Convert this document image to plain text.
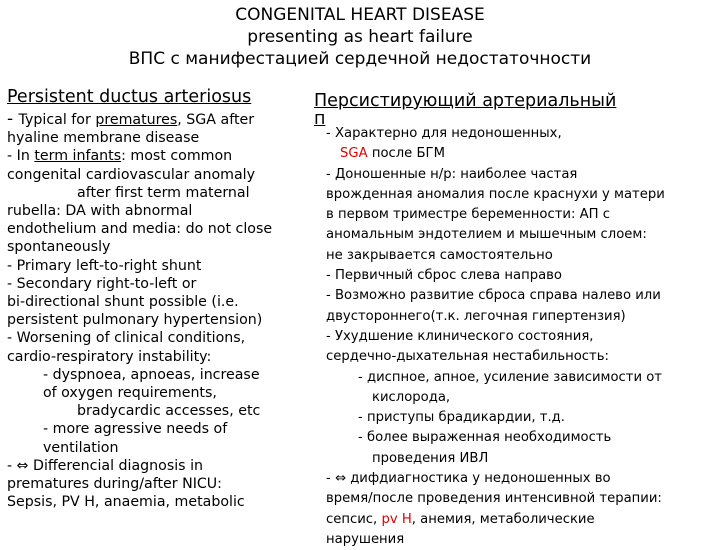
CONGENITAL HEART DISEASE
presenting as heart failure
ВПС с манифестацией сердечной недостаточности
Persistent ductus arteriosus
- Typical for prematures, SGA after
hyaline membrane disease
- In term infants: most common
congenital cardiovascular anomaly
after first term maternal
rubella: DA with abnormal
endothelium and media: do not close
spontaneously
- Primary left-to-right shunt
- Secondary right-to-left or
bi-directional shunt possible (i.e.
persistent pulmonary hypertension)
- Worsening of clinical conditions,
cardio-respiratory instability:
- dyspnoea, apnoeas, increase
of oxygen requirements,
bradycardic accesses, etc
- more agressive needs of
ventilation
- ⇔ Differencial diagnosis in
prematures during/after NICU:
Sepsis, PV H, anaemia, metabolic
Персистирующий артериальный
п
- Характерно для недоношенных,
SGA после БГМ
- Доношенные н/р: наиболее частая
врожденная аномалия после краснухи у матери
в первом триместре беременности: АП с
аномальным эндотелием и мышечным слоем:
не закрывается самостоятельно
- Первичный сброс слева направо
- Возможно развитие сброса справа налево или
двустороннего(т.к. легочная гипертензия)
- Ухудшение клинического состояния,
сердечно-дыхательная нестабильность:
- диспное, апное, усиление зависимости от
кислорода,
- приступы брадикардии, т.д.
- более выраженная необходимость
проведения ИВЛ
- ⇔ дифдиагностика у недоношенных во
время/после проведения интенсивной терапии:
сепсис, pv H, анемия, метаболические
нарушения
